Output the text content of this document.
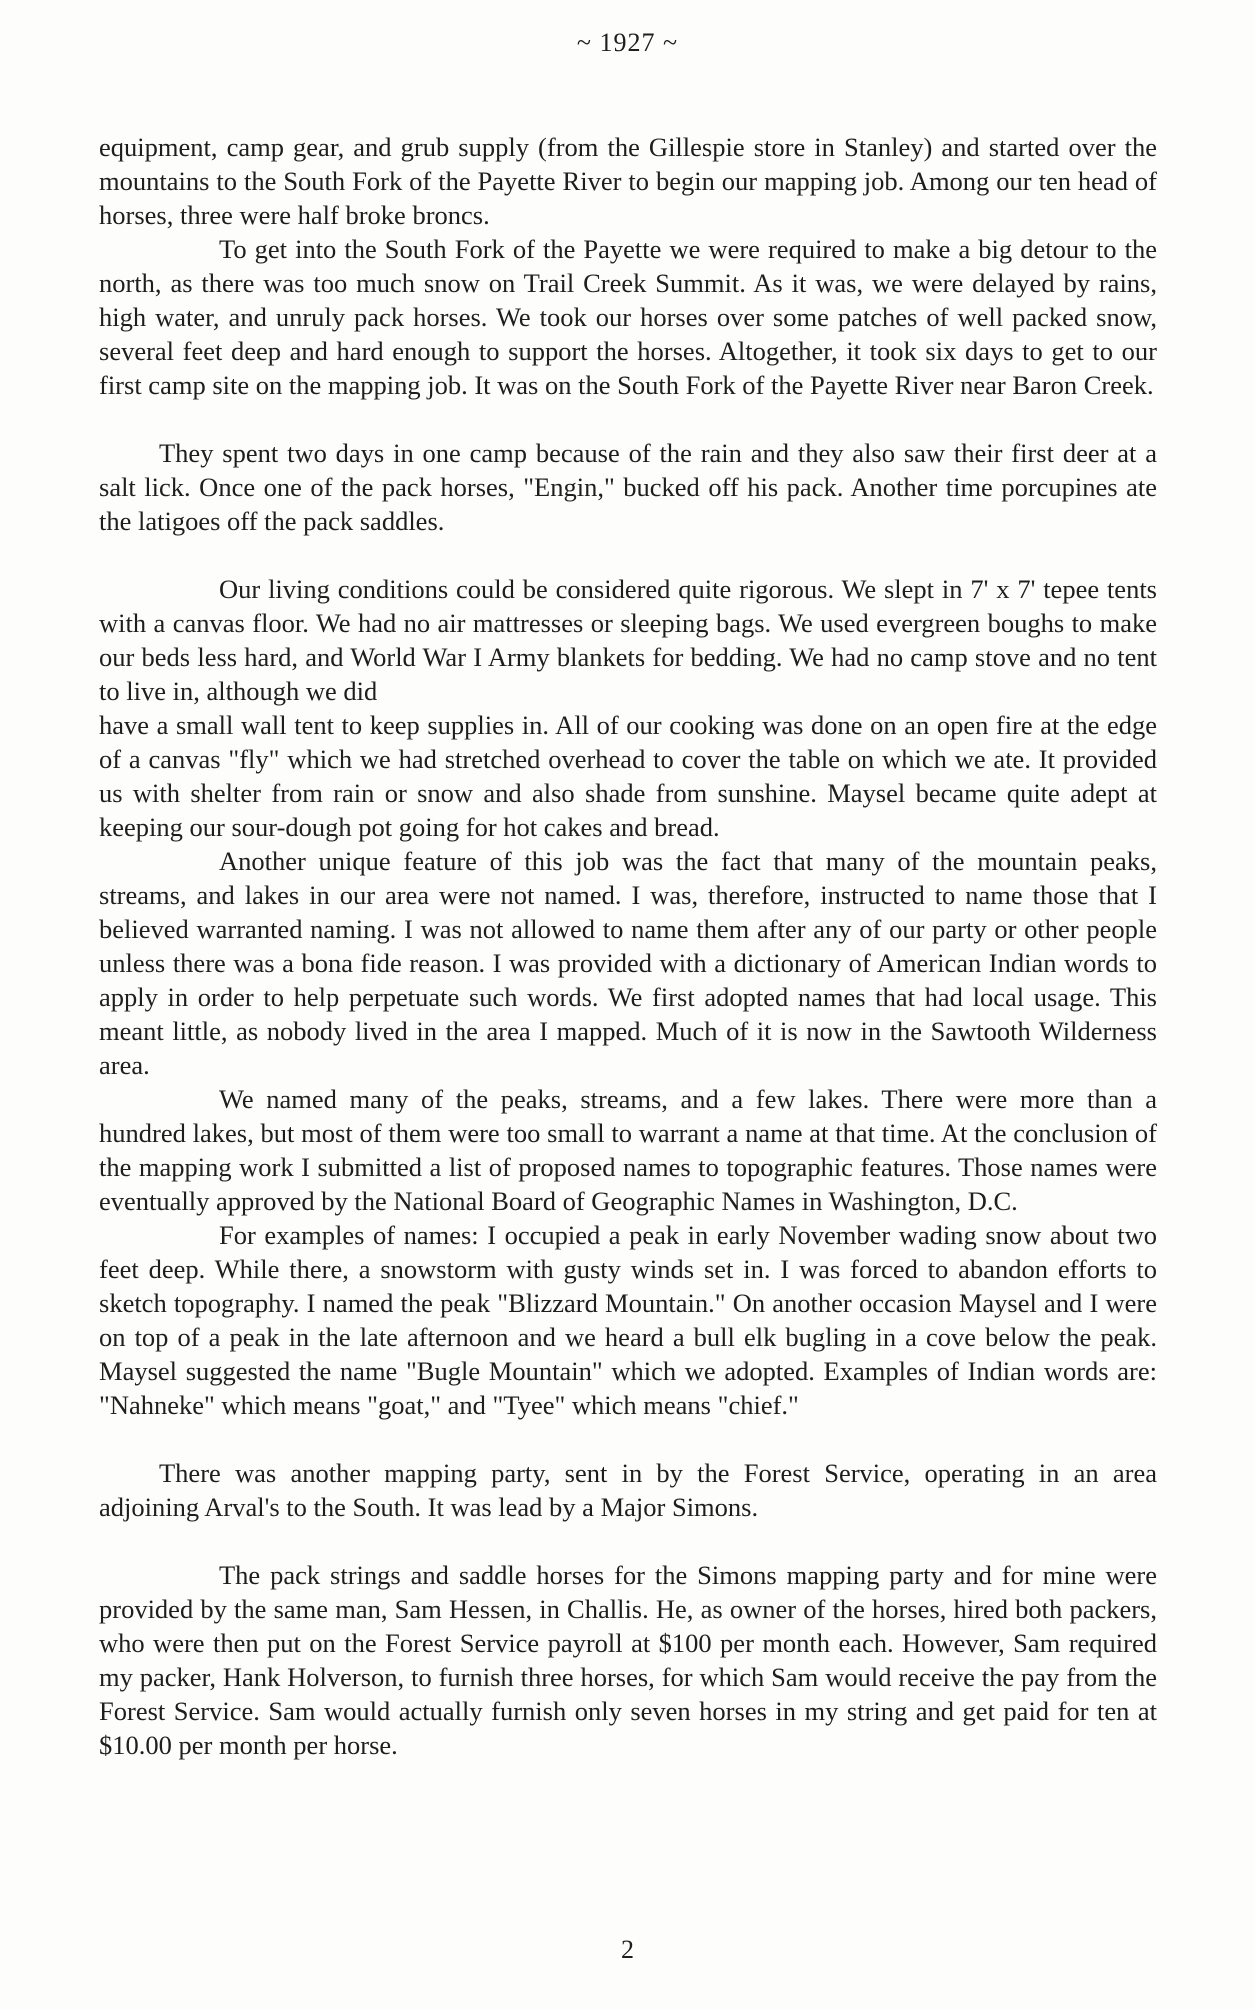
~ 1927 ~

equipment, camp gear, and grub supply (from the Gillespie store in Stanley) and started over the mountains to the South Fork of the Payette River to begin our mapping job. Among our ten head of horses, three were half broke broncs.

To get into the South Fork of the Payette we were required to make a big detour to the north, as there was too much snow on Trail Creek Summit. As it was, we were delayed by rains, high water, and unruly pack horses. We took our horses over some patches of well packed snow, several feet deep and hard enough to support the horses. Altogether, it took six days to get to our first camp site on the mapping job. It was on the South Fork of the Payette River near Baron Creek.

They spent two days in one camp because of the rain and they also saw their first deer at a salt lick. Once one of the pack horses, "Engin," bucked off his pack. Another time porcupines ate the latigoes off the pack saddles.

Our living conditions could be considered quite rigorous. We slept in 7' x 7' tepee tents with a canvas floor. We had no air mattresses or sleeping bags. We used evergreen boughs to make our beds less hard, and World War I Army blankets for bedding. We had no camp stove and no tent to live in, although we did

have a small wall tent to keep supplies in. All of our cooking was done on an open fire at the edge of a canvas "fly" which we had stretched overhead to cover the table on which we ate. It provided us with shelter from rain or snow and also shade from sunshine. Maysel became quite adept at keeping our sour-dough pot going for hot cakes and bread.

Another unique feature of this job was the fact that many of the mountain peaks, streams, and lakes in our area were not named. I was, therefore, instructed to name those that I believed warranted naming. I was not allowed to name them after any of our party or other people unless there was a bona fide reason. I was provided with a dictionary of American Indian words to apply in order to help perpetuate such words. We first adopted names that had local usage. This meant little, as nobody lived in the area I mapped. Much of it is now in the Sawtooth Wilderness area.

We named many of the peaks, streams, and a few lakes. There were more than a hundred lakes, but most of them were too small to warrant a name at that time. At the conclusion of the mapping work I submitted a list of proposed names to topographic features. Those names were eventually approved by the National Board of Geographic Names in Washington, D.C.

For examples of names: I occupied a peak in early November wading snow about two feet deep. While there, a snowstorm with gusty winds set in. I was forced to abandon efforts to sketch topography. I named the peak "Blizzard Mountain." On another occasion Maysel and I were on top of a peak in the late afternoon and we heard a bull elk bugling in a cove below the peak. Maysel suggested the name "Bugle Mountain" which we adopted. Examples of Indian words are: "Nahneke" which means "goat," and "Tyee" which means "chief."

There was another mapping party, sent in by the Forest Service, operating in an area adjoining Arval's to the South. It was lead by a Major Simons.

The pack strings and saddle horses for the Simons mapping party and for mine were provided by the same man, Sam Hessen, in Challis. He, as owner of the horses, hired both packers, who were then put on the Forest Service payroll at $100 per month each. However, Sam required my packer, Hank Holverson, to furnish three horses, for which Sam would receive the pay from the Forest Service. Sam would actually furnish only seven horses in my string and get paid for ten at $10.00 per month per horse.

2
